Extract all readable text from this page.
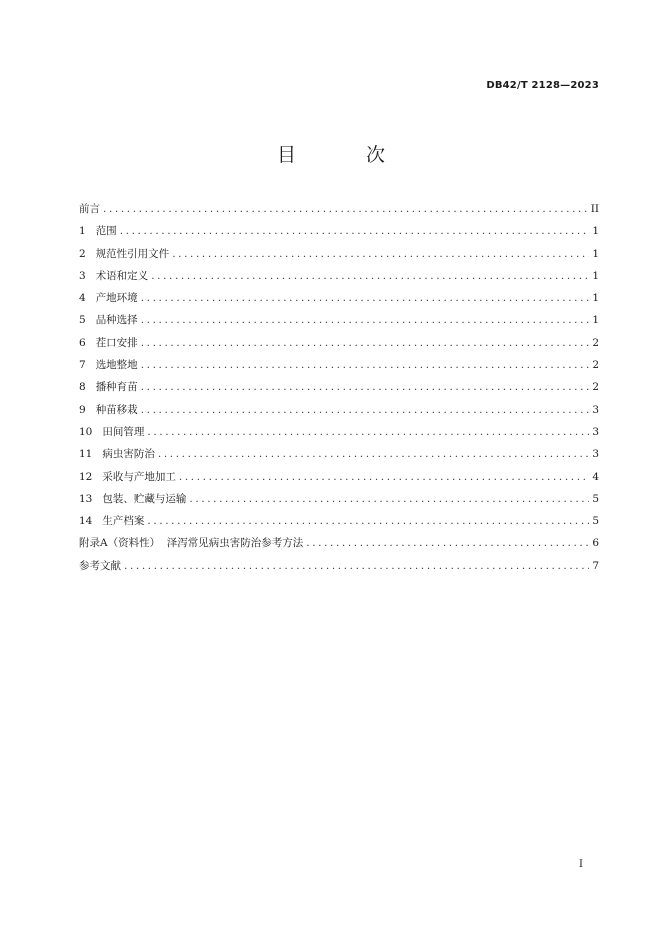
DB42/T 2128—2023
目 次
前言 .....	II
1 范围 .....	1
2 规范性引用文件 .....	1
3 术语和定义 .....	1
4 产地环境 .....	1
5 品种选择 .....	1
6 茬口安排 .....	2
7 选地整地 .....	2
8 播种育苗 .....	2
9 种苗移栽 .....	3
10 田间管理 .....	3
11 病虫害防治 .....	3
12 采收与产地加工 .....	4
13 包装、贮藏与运输 .....	5
14 生产档案 .....	5
附录A（资料性）  泽泻常见病虫害防治参考方法 .....	6
参考文献 .....	7
I
